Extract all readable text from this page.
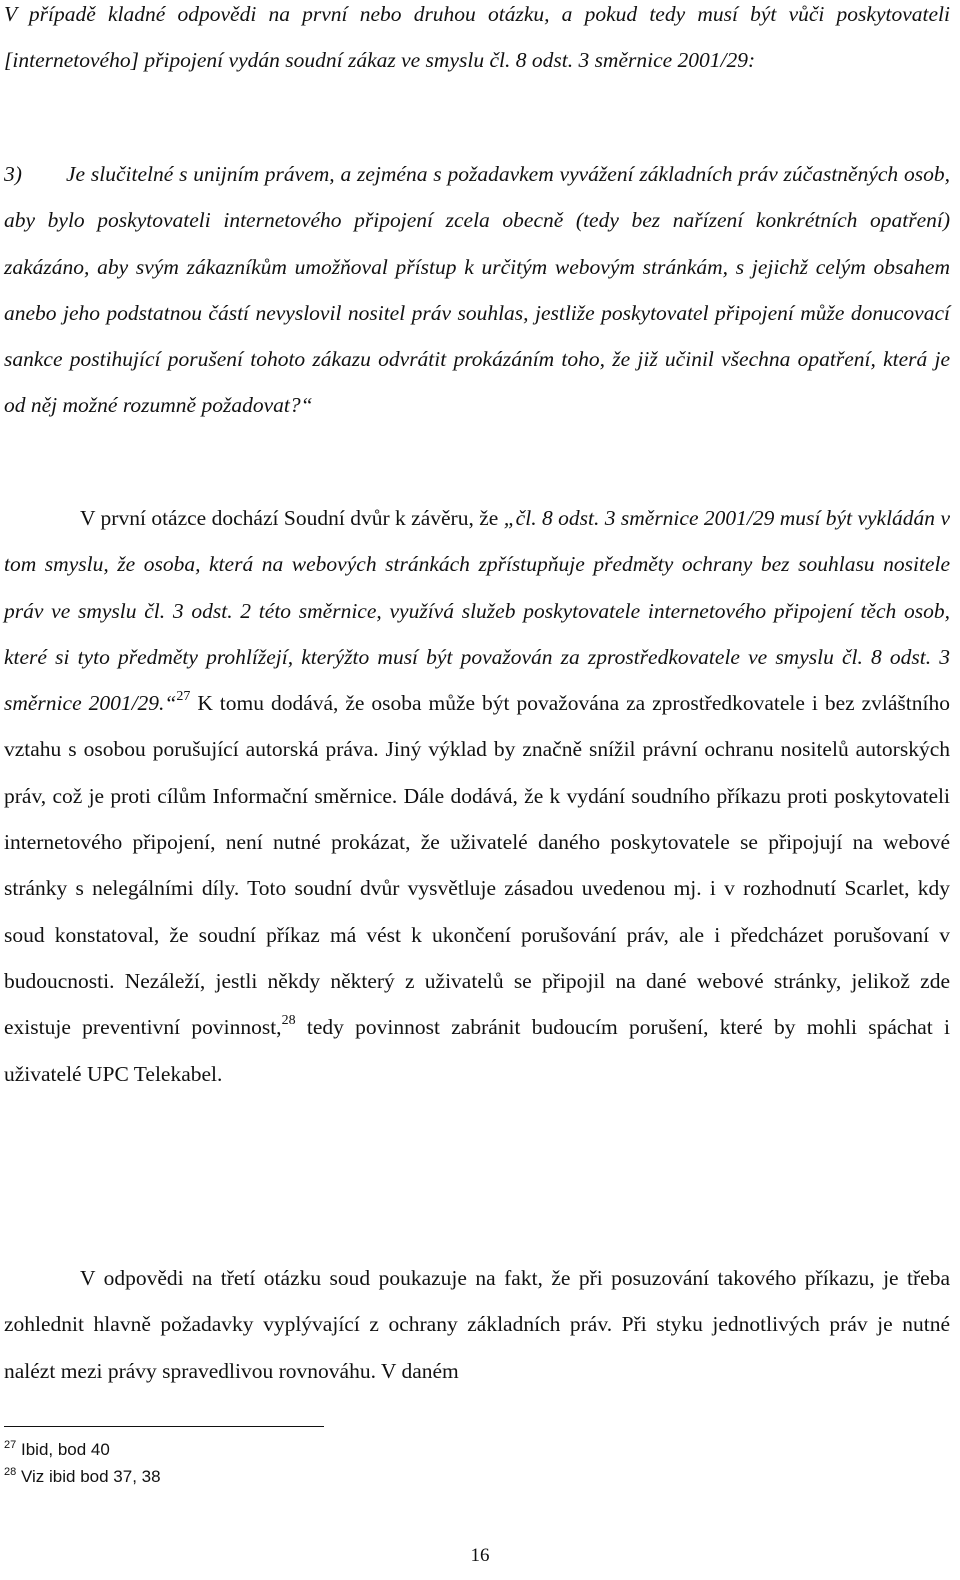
V případě kladné odpovědi na první nebo druhou otázku, a pokud tedy musí být vůči poskytovateli [internetového] připojení vydán soudní zákaz ve smyslu čl. 8 odst. 3 směrnice 2001/29:

3) Je slučitelné s unijním právem, a zejména s požadavkem vyvážení základních práv zúčastněných osob, aby bylo poskytovateli internetového připojení zcela obecně (tedy bez nařízení konkrétních opatření) zakázáno, aby svým zákazníkům umožňoval přístup k určitým webovým stránkám, s jejichž celým obsahem anebo jeho podstatnou částí nevyslovil nositel práv souhlas, jestliže poskytovatel připojení může donucovací sankce postihující porušení tohoto zákazu odvrátit prokázáním toho, že již učinil všechna opatření, která je od něj možné rozumně požadovat?“

V první otázce dochází Soudní dvůr k závěru, že „čl. 8 odst. 3 směrnice 2001/29 musí být vykládán v tom smyslu, že osoba, která na webových stránkách zpřístupňuje předměty ochrany bez souhlasu nositele práv ve smyslu čl. 3 odst. 2 této směrnice, využívá služeb poskytovatele internetového připojení těch osob, které si tyto předměty prohlížejí, kterýžto musí být považován za zprostředkovatele ve smyslu čl. 8 odst. 3 směrnice 2001/29.“$^{27}$ K tomu dodává, že osoba může být považována za zprostředkovatele i bez zvláštního vztahu s osobou porušující autorská práva. Jiný výklad by značně snížil právní ochranu nositelů autorských práv, což je proti cílům Informační směrnice. Dále dodává, že k vydání soudního příkazu proti poskytovateli internetového připojení, není nutné prokázat, že uživatelé daného poskytovatele se připojují na webové stránky s nelegálními díly. Toto soudní dvůr vysvětluje zásadou uvedenou mj. i v rozhodnutí Scarlet, kdy soud konstatoval, že soudní příkaz má vést k ukončení porušování práv, ale i předcházet porušovaní v budoucnosti. Nezáleží, jestli někdy některý z uživatelů se připojil na dané webové stránky, jelikož zde existuje preventivní povinnost,$^{28}$ tedy povinnost zabránit budoucím porušení, které by mohli spáchat i uživatelé UPC Telekabel.

V odpovědi na třetí otázku soud poukazuje na fakt, že při posuzování takového příkazu, je třeba zohlednit hlavně požadavky vyplývající z ochrany základních práv. Při styku jednotlivých práv je nutné nalézt mezi právy spravedlivou rovnováhu. V daném

$^{27}$ Ibid, bod 40
$^{28}$ Viz ibid bod 37, 38
16
